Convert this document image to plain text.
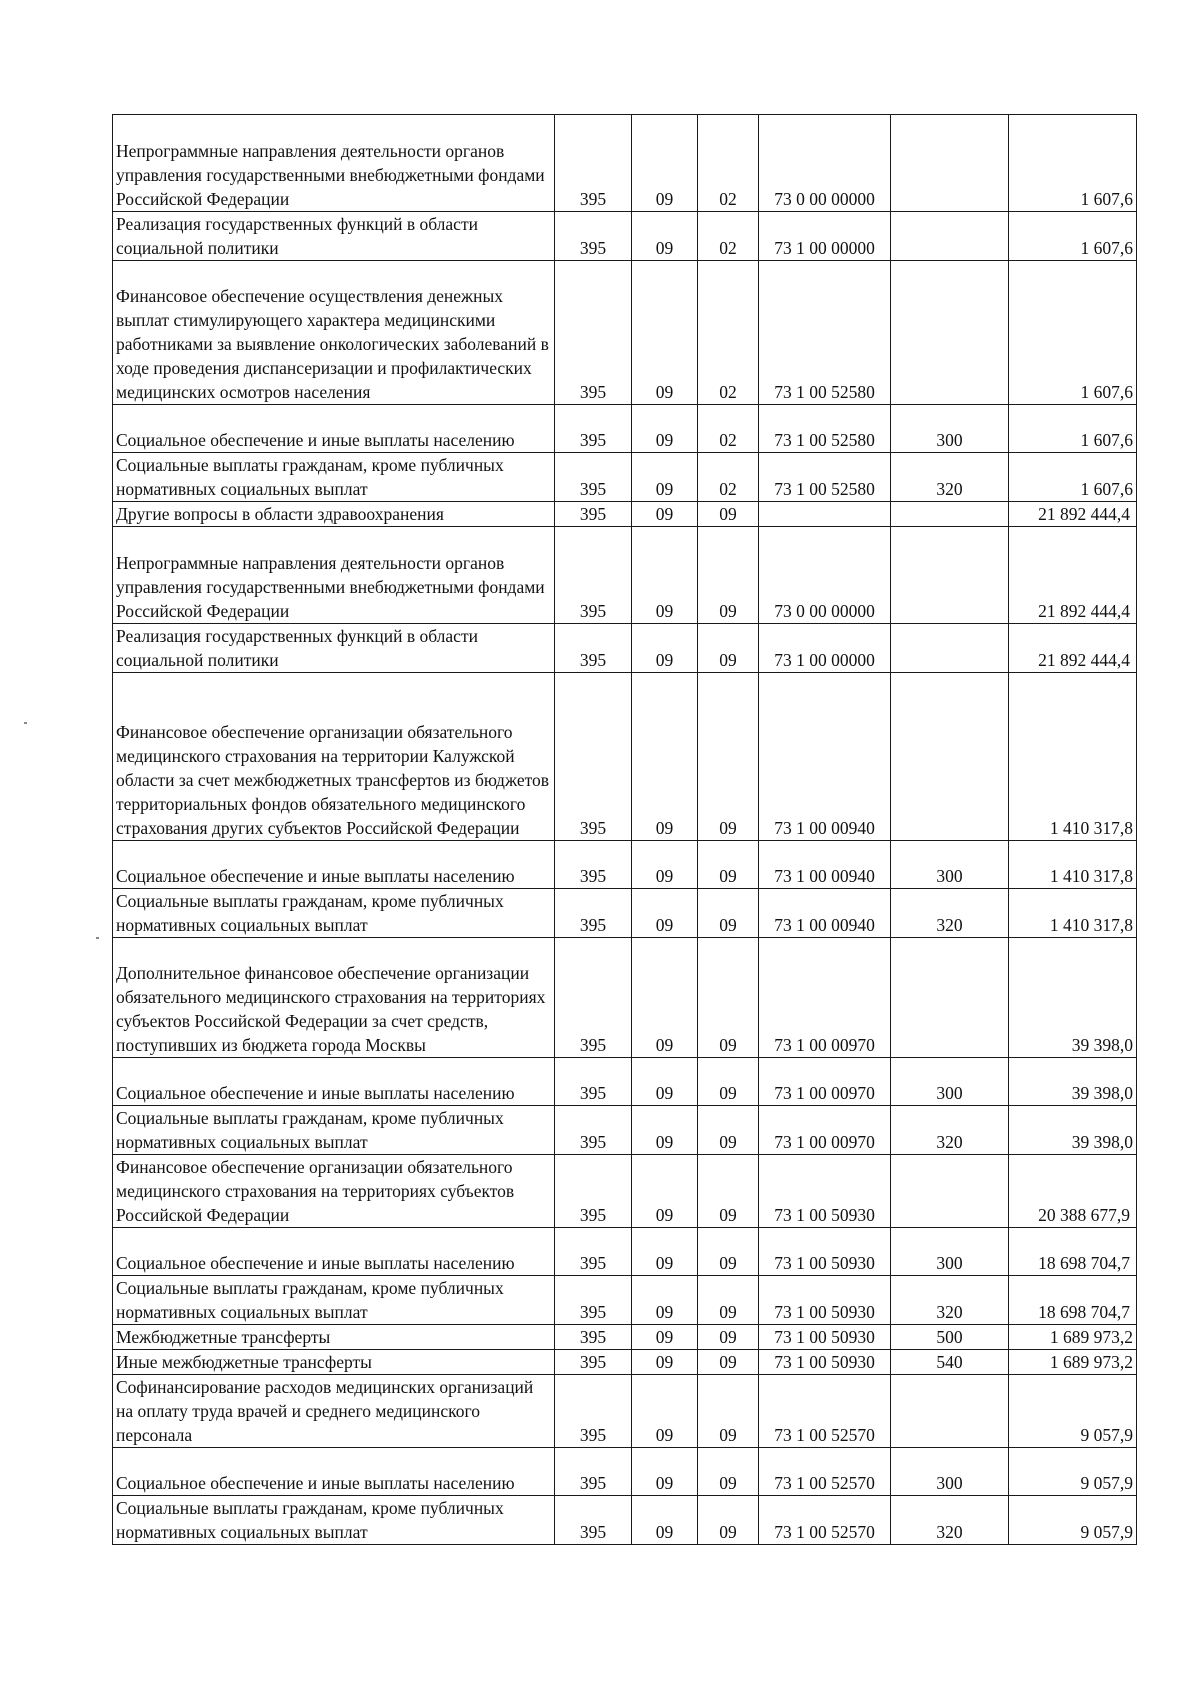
Непрограммные направления деятельности органов управления государственными внебюджетными фондами Российской Федерации	395	09	02	73 0 00 00000		1 607,6
Реализация государственных функций в области социальной политики	395	09	02	73 1 00 00000		1 607,6
Финансовое обеспечение осуществления денежных выплат стимулирующего характера медицинскими работниками за выявление онкологических заболеваний в ходе проведения диспансеризации и профилактических медицинских осмотров населения	395	09	02	73 1 00 52580		1 607,6
Социальное обеспечение и иные выплаты населению	395	09	02	73 1 00 52580	300	1 607,6
Социальные выплаты гражданам, кроме публичных нормативных социальных выплат	395	09	02	73 1 00 52580	320	1 607,6
Другие вопросы в области здравоохранения	395	09	09			21 892 444,4

Непрограммные направления деятельности органов управления государственными внебюджетными фондами Российской Федерации	395	09	09	73 0 00 00000		21 892 444,4
Реализация государственных функций в области социальной политики	395	09	09	73 1 00 00000		21 892 444,4
Финансовое обеспечение организации обязательного медицинского страхования на территории Калужской области за счет межбюджетных трансфертов из бюджетов территориальных фондов обязательного медицинского страхования других субъектов Российской Федерации	395	09	09	73 1 00 00940		1 410 317,8
Социальное обеспечение и иные выплаты населению	395	09	09	73 1 00 00940	300	1 410 317,8
Социальные выплаты гражданам, кроме публичных нормативных социальных выплат	395	09	09	73 1 00 00940	320	1 410 317,8
Дополнительное финансовое обеспечение организации обязательного медицинского страхования на территориях субъектов Российской Федерации за счет средств, поступивших из бюджета города Москвы	395	09	09	73 1 00 00970		39 398,0
Социальное обеспечение и иные выплаты населению	395	09	09	73 1 00 00970	300	39 398,0
Социальные выплаты гражданам, кроме публичных нормативных социальных выплат	395	09	09	73 1 00 00970	320	39 398,0
Финансовое обеспечение организации обязательного медицинского страхования на территориях субъектов Российской Федерации	395	09	09	73 1 00 50930		20 388 677,9
Социальное обеспечение и иные выплаты населению	395	09	09	73 1 00 50930	300	18 698 704,7
Социальные выплаты гражданам, кроме публичных нормативных социальных выплат	395	09	09	73 1 00 50930	320	18 698 704,7
Межбюджетные трансферты	395	09	09	73 1 00 50930	500	1 689 973,2
Иные межбюджетные трансферты	395	09	09	73 1 00 50930	540	1 689 973,2
Софинансирование расходов медицинских организаций на оплату труда врачей и среднего медицинского персонала	395	09	09	73 1 00 52570		9 057,9
Социальное обеспечение и иные выплаты населению	395	09	09	73 1 00 52570	300	9 057,9
Социальные выплаты гражданам, кроме публичных нормативных социальных выплат	395	09	09	73 1 00 52570	320	9 057,9
